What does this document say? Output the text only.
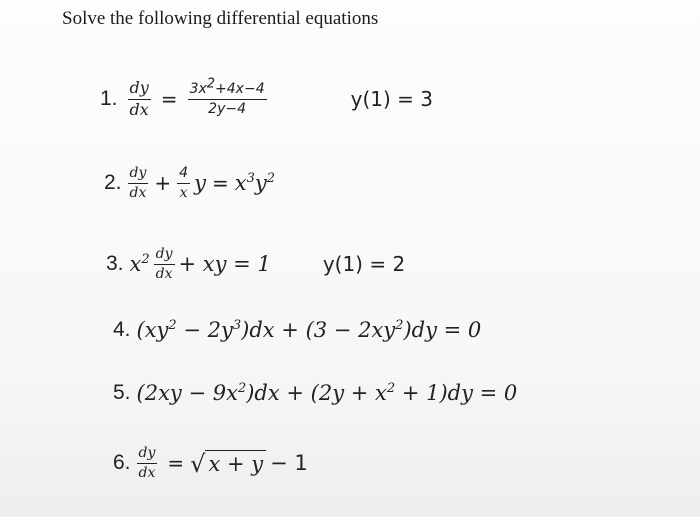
Solve the following differential equations
1. $\frac{dy}{dx} = \frac{3x^2+4x-4}{2y-4}$	y(1) = 3
2. $\frac{dy}{dx} + \frac{4}{x}$ $y = x^3y^2$
3. $x^2 \frac{dy}{dx}$ + xy = 1	y(1) = 2
4. $(xy^2 - 2y^3)dx + (3 - 2xy^2)dy = 0$
5. $(2xy - 9x^2)dx + (2y + x^2 + 1)dy = 0$
6. $\frac{dy}{dx}$ = √ x + y − 1
